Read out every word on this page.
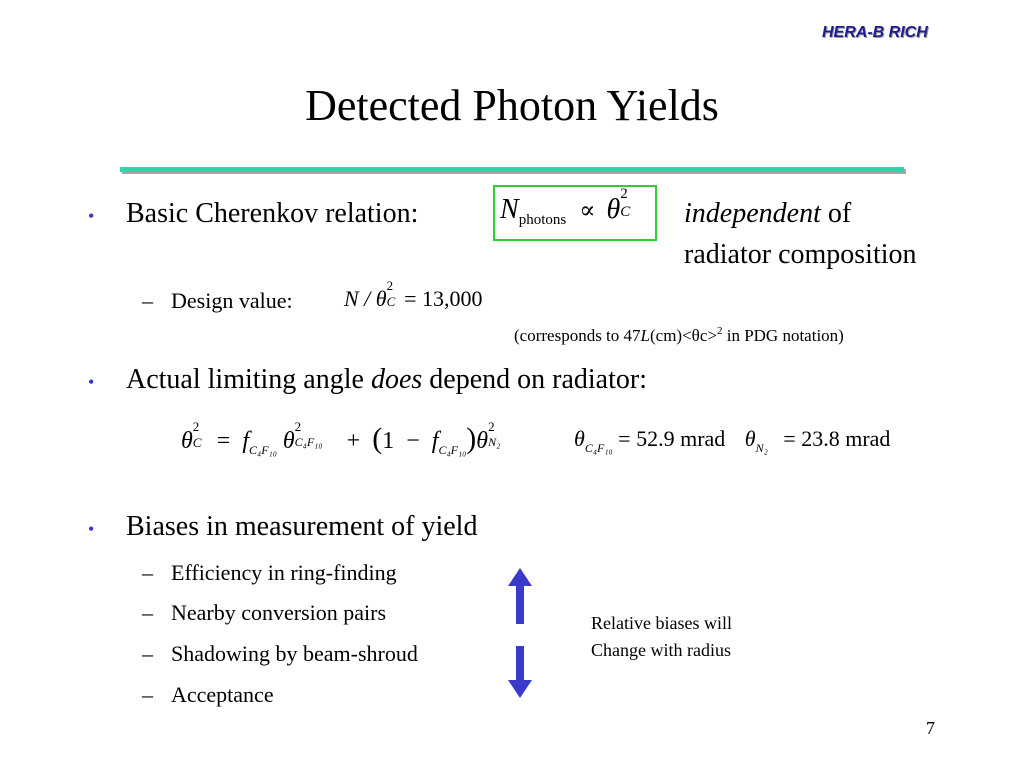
HERA-B RICH
Detected Photon Yields
• Basic Cherenkov relation:	$N_{photons} \propto \theta$ 2
C independent of
radiator composition
– Design value: N / θ
2
C = 13,000
(corresponds to 47L(cm)<θc>$^2$ in PDG notation)
• Actual limiting angle does depend on radiator:
θ
2
$C = f_{C_4F_{10}}$ θ
2
$C_4F_{10} + (1 - f_{C_4F_{10}})\theta$
2
N₂	$\theta_{C_4F_{10}} = 52.9$ mrad $\theta_{N_2} = 23.8$ mrad
• Biases in measurement of yield
– Efficiency in ring-finding
– Nearby conversion pairs
– Shadowing by beam-shroud
– Acceptance
Relative biases will
Change with radius
7
